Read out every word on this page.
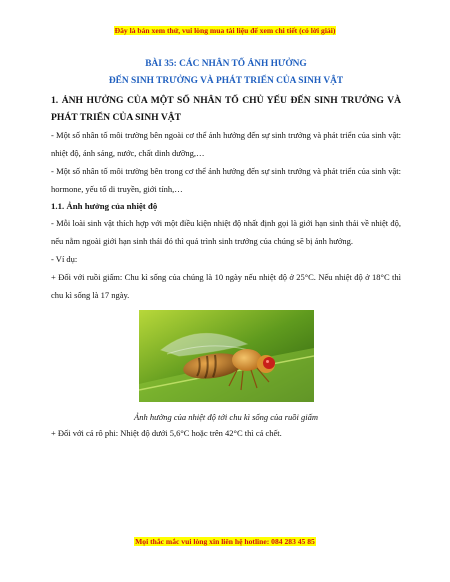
Đây là bản xem thử, vui lòng mua tài liệu để xem chi tiết (có lời giải)

BÀI 35: CÁC NHÂN TỐ ẢNH HƯỞNG

ĐẾN SINH TRƯỞNG VÀ PHÁT TRIỂN CỦA SINH VẬT

1. ẢNH HƯỞNG CỦA MỘT SỐ NHÂN TỐ CHỦ YẾU ĐẾN SINH TRƯỞNG VÀ PHÁT TRIỂN CỦA SINH VẬT

- Một số nhân tố môi trường bên ngoài cơ thể ảnh hưởng đến sự sinh trưởng và phát triển của sinh vật: nhiệt độ, ánh sáng, nước, chất dinh dưỡng,…

- Một số nhân tố môi trường bên trong cơ thể ảnh hưởng đến sự sinh trưởng và phát triển của sinh vật: hormone, yếu tố di truyền, giới tính,…

1.1. Ảnh hưởng của nhiệt độ

- Mỗi loài sinh vật thích hợp với một điều kiện nhiệt độ nhất định gọi là giới hạn sinh thái về nhiệt độ, nếu nằm ngoài giới hạn sinh thái đó thì quá trình sinh trưởng của chúng sẽ bị ảnh hưởng.

- Ví dụ:

+ Đối với ruồi giấm: Chu kì sống của chúng là 10 ngày nếu nhiệt độ ở 25°C. Nếu nhiệt độ ở 18°C thì chu kì sống là 17 ngày.

Ảnh hưởng của nhiệt độ tới chu kì sống của ruồi giấm

+ Đối với cá rô phi: Nhiệt độ dưới 5,6°C hoặc trên 42°C thì cá chết.

Mọi thắc mắc vui lòng xin liên hệ hotline: 084 283 45 85
